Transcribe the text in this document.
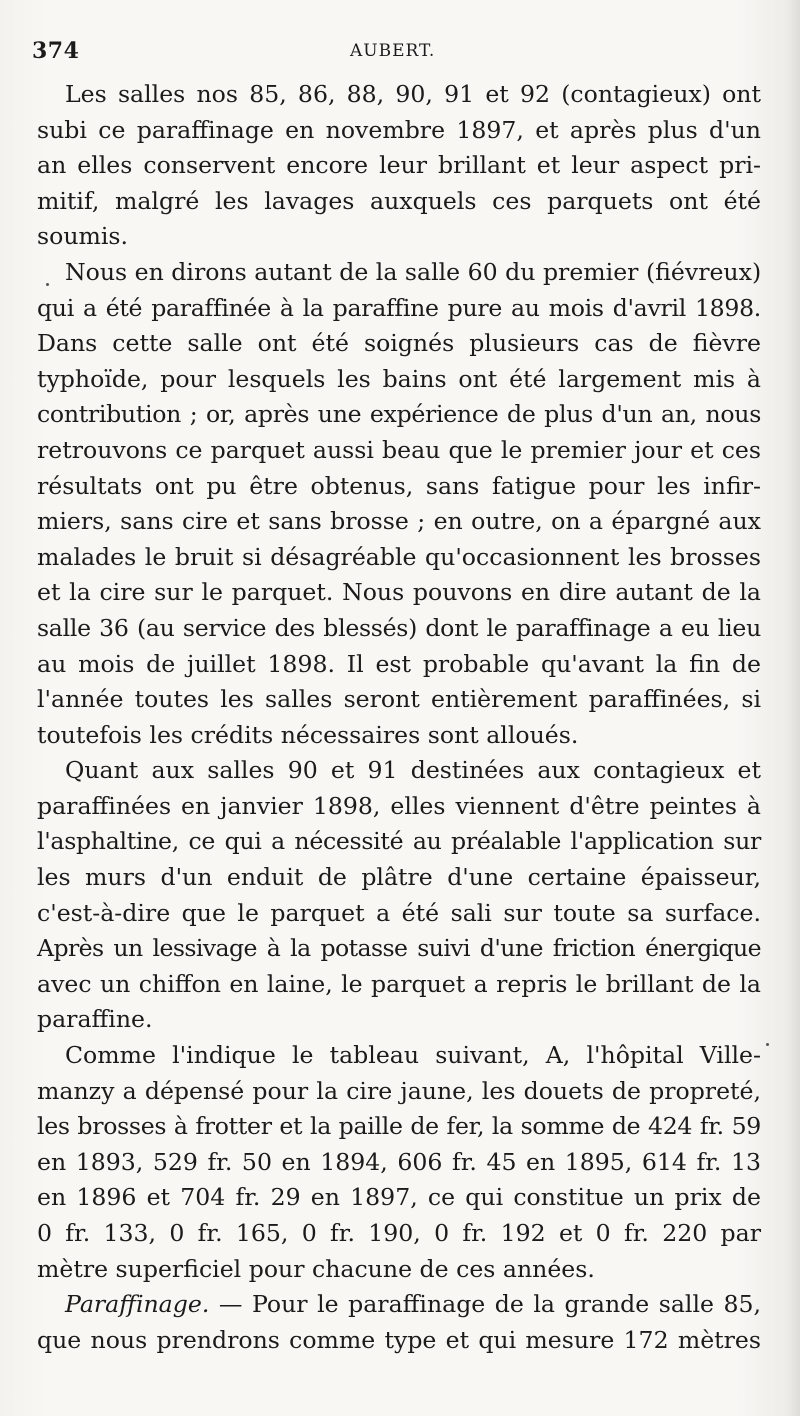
374	AUBERT.
Les salles nos 85, 86, 88, 90, 91 et 92 (contagieux) ont
subi ce paraffinage en novembre 1897, et après plus d'un
an elles conservent encore leur brillant et leur aspect pri-
mitif, malgré les lavages auxquels ces parquets ont été
soumis.
Nous en dirons autant de la salle 60 du premier (fiévreux)
qui a été paraffinée à la paraffine pure au mois d'avril 1898.
Dans cette salle ont été soignés plusieurs cas de fièvre
typhoïde, pour lesquels les bains ont été largement mis à
contribution ; or, après une expérience de plus d'un an, nous
retrouvons ce parquet aussi beau que le premier jour et ces
résultats ont pu être obtenus, sans fatigue pour les infir-
miers, sans cire et sans brosse ; en outre, on a épargné aux
malades le bruit si désagréable qu'occasionnent les brosses
et la cire sur le parquet. Nous pouvons en dire autant de la
salle 36 (au service des blessés) dont le paraffinage a eu lieu
au mois de juillet 1898. Il est probable qu'avant la fin de
l'année toutes les salles seront entièrement paraffinées, si
toutefois les crédits nécessaires sont alloués.
Quant aux salles 90 et 91 destinées aux contagieux et
paraffinées en janvier 1898, elles viennent d'être peintes à
l'asphaltine, ce qui a nécessité au préalable l'application sur
les murs d'un enduit de plâtre d'une certaine épaisseur,
c'est-à-dire que le parquet a été sali sur toute sa surface.
Après un lessivage à la potasse suivi d'une friction énergique
avec un chiffon en laine, le parquet a repris le brillant de la
paraffine.
Comme l'indique le tableau suivant, A, l'hôpital Ville-
manzy a dépensé pour la cire jaune, les douets de propreté,
les brosses à frotter et la paille de fer, la somme de 424 fr. 59
en 1893, 529 fr. 50 en 1894, 606 fr. 45 en 1895, 614 fr. 13
en 1896 et 704 fr. 29 en 1897, ce qui constitue un prix de
0 fr. 133, 0 fr. 165, 0 fr. 190, 0 fr. 192 et 0 fr. 220 par
mètre superficiel pour chacune de ces années.
Paraffinage. — Pour le paraffinage de la grande salle 85,
que nous prendrons comme type et qui mesure 172 mètres
